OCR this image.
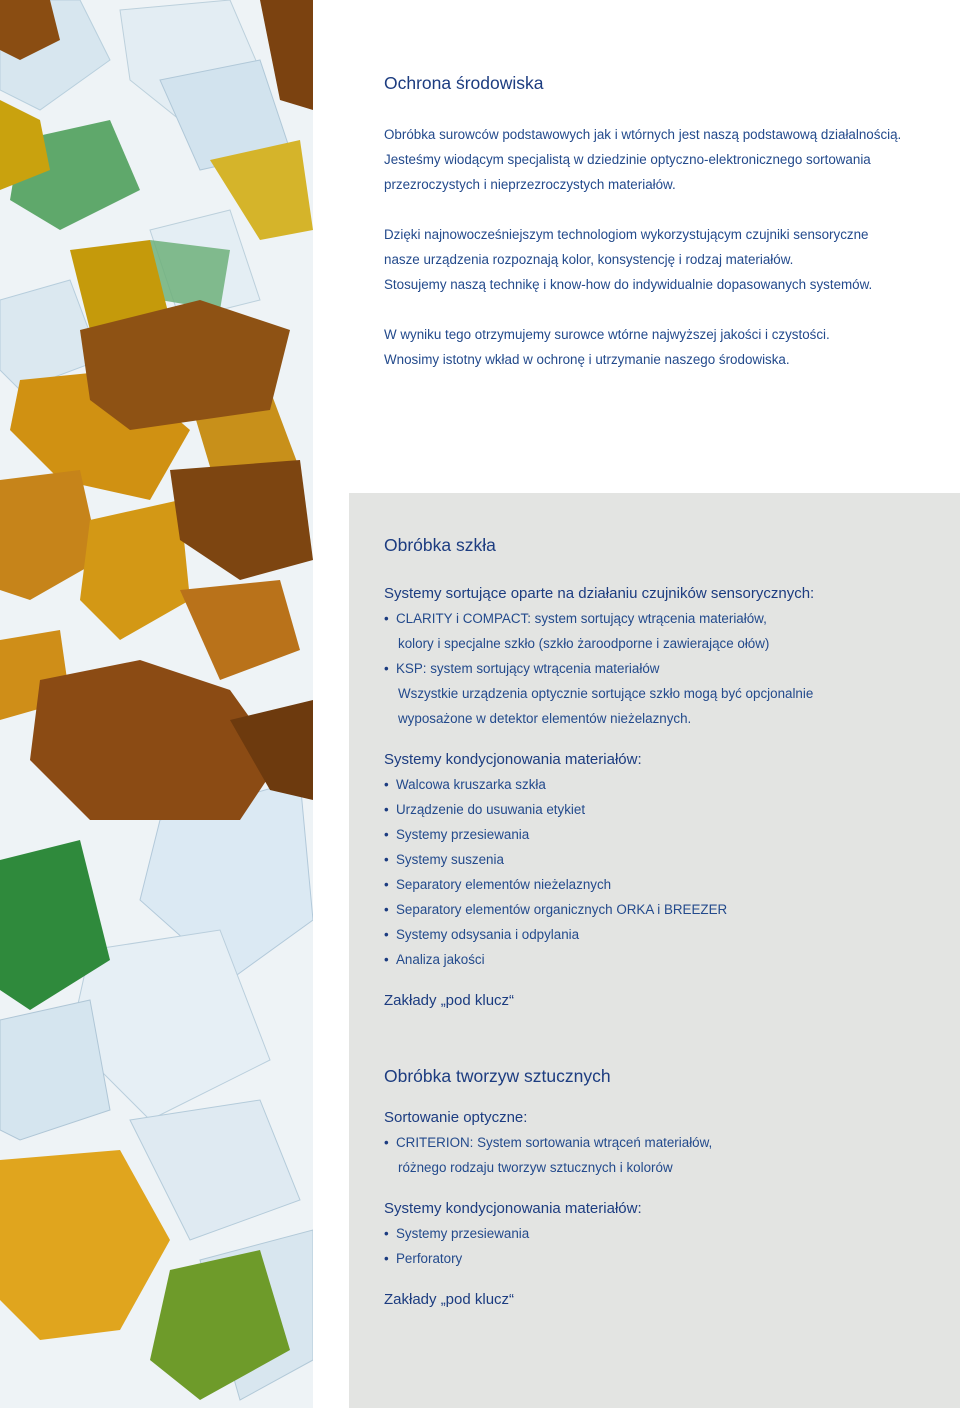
Ochrona środowiska

Obróbka surowców podstawowych jak i wtórnych jest naszą podstawową działalnością.
Jesteśmy wiodącym specjalistą w dziedzinie optyczno-elektronicznego sortowania
przezroczystych i nieprzezroczystych materiałów.

Dzięki najnowocześniejszym technologiom wykorzystującym czujniki sensoryczne
nasze urządzenia rozpoznają kolor, konsystencję i rodzaj materiałów.
Stosujemy naszą technikę i know-how do indywidualnie dopasowanych systemów.

W wyniku tego otrzymujemy surowce wtórne najwyższej jakości i czystości.
Wnosimy istotny wkład w ochronę i utrzymanie naszego środowiska.

Obróbka szkła

Systemy sortujące oparte na działaniu czujników sensorycznych:

• CLARITY i COMPACT: system sortujący wtrącenia materiałów,
kolory i specjalne szkło (szkło żaroodporne i zawierające ołów)
• KSP: system sortujący wtrącenia materiałów
Wszystkie urządzenia optycznie sortujące szkło mogą być opcjonalnie
wyposażone w detektor elementów nieżelaznych.

Systemy kondycjonowania materiałów:

• Walcowa kruszarka szkła
• Urządzenie do usuwania etykiet
• Systemy przesiewania
• Systemy suszenia
• Separatory elementów nieżelaznych
• Separatory elementów organicznych ORKA i BREEZER
• Systemy odsysania i odpylania
• Analiza jakości

Zakłady „pod klucz“

Obróbka tworzyw sztucznych

Sortowanie optyczne:

• CRITERION: System sortowania wtrąceń materiałów,
różnego rodzaju tworzyw sztucznych i kolorów

Systemy kondycjonowania materiałów:

• Systemy przesiewania
• Perforatory

Zakłady „pod klucz“
